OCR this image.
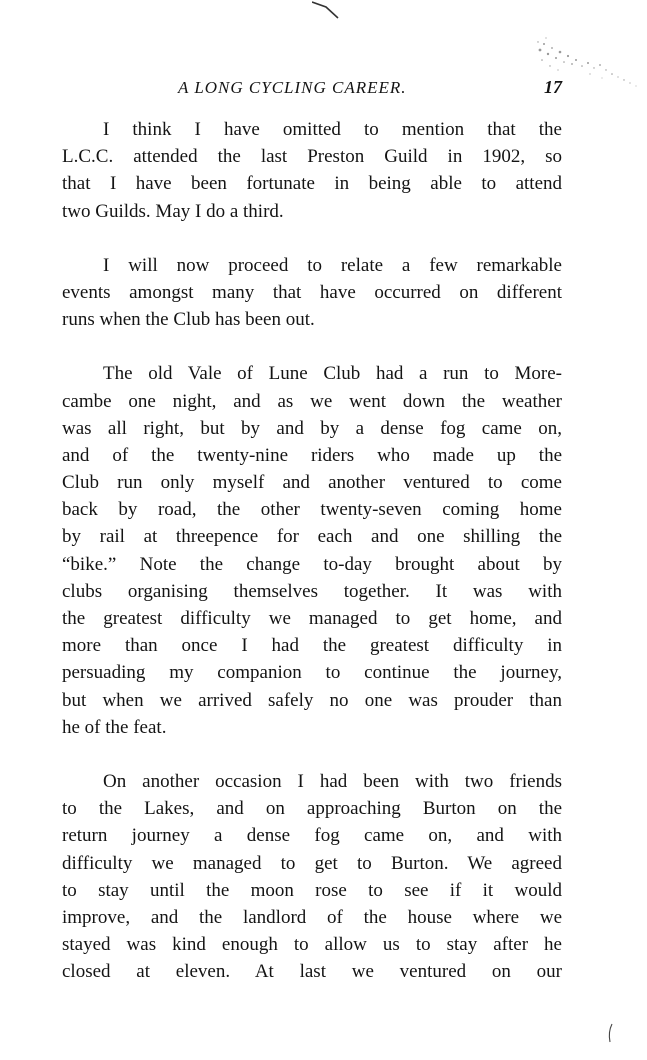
A LONG CYCLING CAREER.	17
I think I have omitted to mention that the
L.C.C. attended the last Preston Guild in 1902, so
that I have been fortunate in being able to attend
two Guilds. May I do a third.
I will now proceed to relate a few remarkable
events amongst many that have occurred on different
runs when the Club has been out.
The old Vale of Lune Club had a run to More-
cambe one night, and as we went down the weather
was all right, but by and by a dense fog came on,
and of the twenty-nine riders who made up the
Club run only myself and another ventured to come
back by road, the other twenty-seven coming home
by rail at threepence for each and one shilling the
“bike.” Note the change to-day brought about by
clubs organising themselves together. It was with
the greatest difficulty we managed to get home, and
more than once I had the greatest difficulty in
persuading my companion to continue the journey,
but when we arrived safely no one was prouder than
he of the feat.
On another occasion I had been with two friends
to the Lakes, and on approaching Burton on the
return journey a dense fog came on, and with
difficulty we managed to get to Burton. We agreed
to stay until the moon rose to see if it would
improve, and the landlord of the house where we
stayed was kind enough to allow us to stay after he
closed at eleven. At last we ventured on our
